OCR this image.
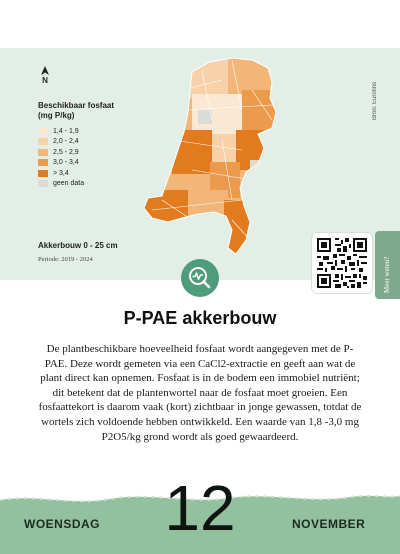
N
Beschikbaar fosfaat
(mg P/kg)
1,4 - 1,9
2,0 - 2,4
2,5 - 2,9
3,0 - 3,4
> 3,4
geen data
Bron: Eurofins
Akkerbouw 0 - 25 cm
Periode: 2019 - 2024	Meer weten?
P-PAE akkerbouw
De plantbeschikbare hoeveelheid fosfaat wordt aangegeven met de P-PAE. Deze wordt gemeten via een CaCl2-extractie en geeft aan wat de plant direct kan opnemen. Fosfaat is in de bodem een immobiel nutriënt; dit betekent dat de plantenwortel naar de fosfaat moet groeien. Een fosfaattekort is daarom vaak (kort) zichtbaar in jonge gewassen, totdat de wortels zich voldoende hebben ontwikkeld. Een waarde van 1,8 -3,0 mg P2O5/kg grond wordt als goed gewaardeerd.
WOENSDAG	12	NOVEMBER
